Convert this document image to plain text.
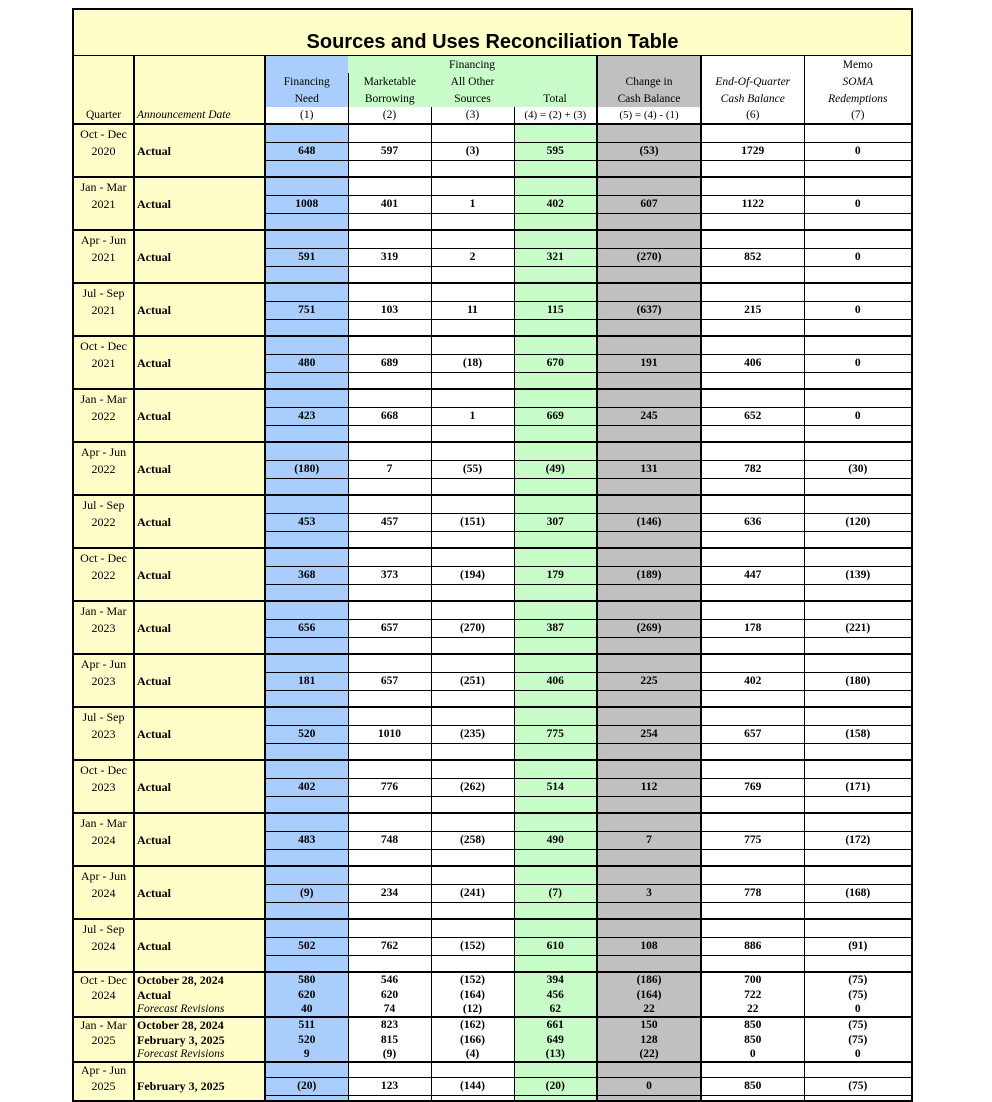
Sources and Uses Reconciliation Table
			Financing					Memo
		Financing	Marketable	All Other		Change in	End-Of-Quarter	SOMA
		Need	Borrowing	Sources	Total	Cash Balance	Cash Balance	Redemptions
Quarter	Announcement Date	(1)	(2)	(3)	(4) = (2) + (3)	(5) = (4) - (1)	(6)	(7)
Oct - Dec								
2020	Actual	648	597	(3)	595	(53)	1729	0

Jan - Mar								
2021	Actual	1008	401	1	402	607	1122	0

Apr - Jun								
2021	Actual	591	319	2	321	(270)	852	0

Jul - Sep								
2021	Actual	751	103	11	115	(637)	215	0

Oct - Dec								
2021	Actual	480	689	(18)	670	191	406	0

Jan - Mar								
2022	Actual	423	668	1	669	245	652	0

Apr - Jun								
2022	Actual	(180)	7	(55)	(49)	131	782	(30)

Jul - Sep								
2022	Actual	453	457	(151)	307	(146)	636	(120)

Oct - Dec								
2022	Actual	368	373	(194)	179	(189)	447	(139)

Jan - Mar								
2023	Actual	656	657	(270)	387	(269)	178	(221)

Apr - Jun								
2023	Actual	181	657	(251)	406	225	402	(180)

Jul - Sep								
2023	Actual	520	1010	(235)	775	254	657	(158)

Oct - Dec								
2023	Actual	402	776	(262)	514	112	769	(171)

Jan - Mar								
2024	Actual	483	748	(258)	490	7	775	(172)

Apr - Jun								
2024	Actual	(9)	234	(241)	(7)	3	778	(168)

Jul - Sep								
2024	Actual	502	762	(152)	610	108	886	(91)

Oct - Dec	October 28, 2024	580	546	(152)	394	(186)	700	(75)
2024	Actual	620	620	(164)	456	(164)	722	(75)
	Forecast Revisions	40	74	(12)	62	22	22	0
Jan - Mar	October 28, 2024	511	823	(162)	661	150	850	(75)
2025	February 3, 2025	520	815	(166)	649	128	850	(75)
	Forecast Revisions	9	(9)	(4)	(13)	(22)	0	0
Apr - Jun								
2025	February 3, 2025	(20)	123	(144)	(20)	0	850	(75)
